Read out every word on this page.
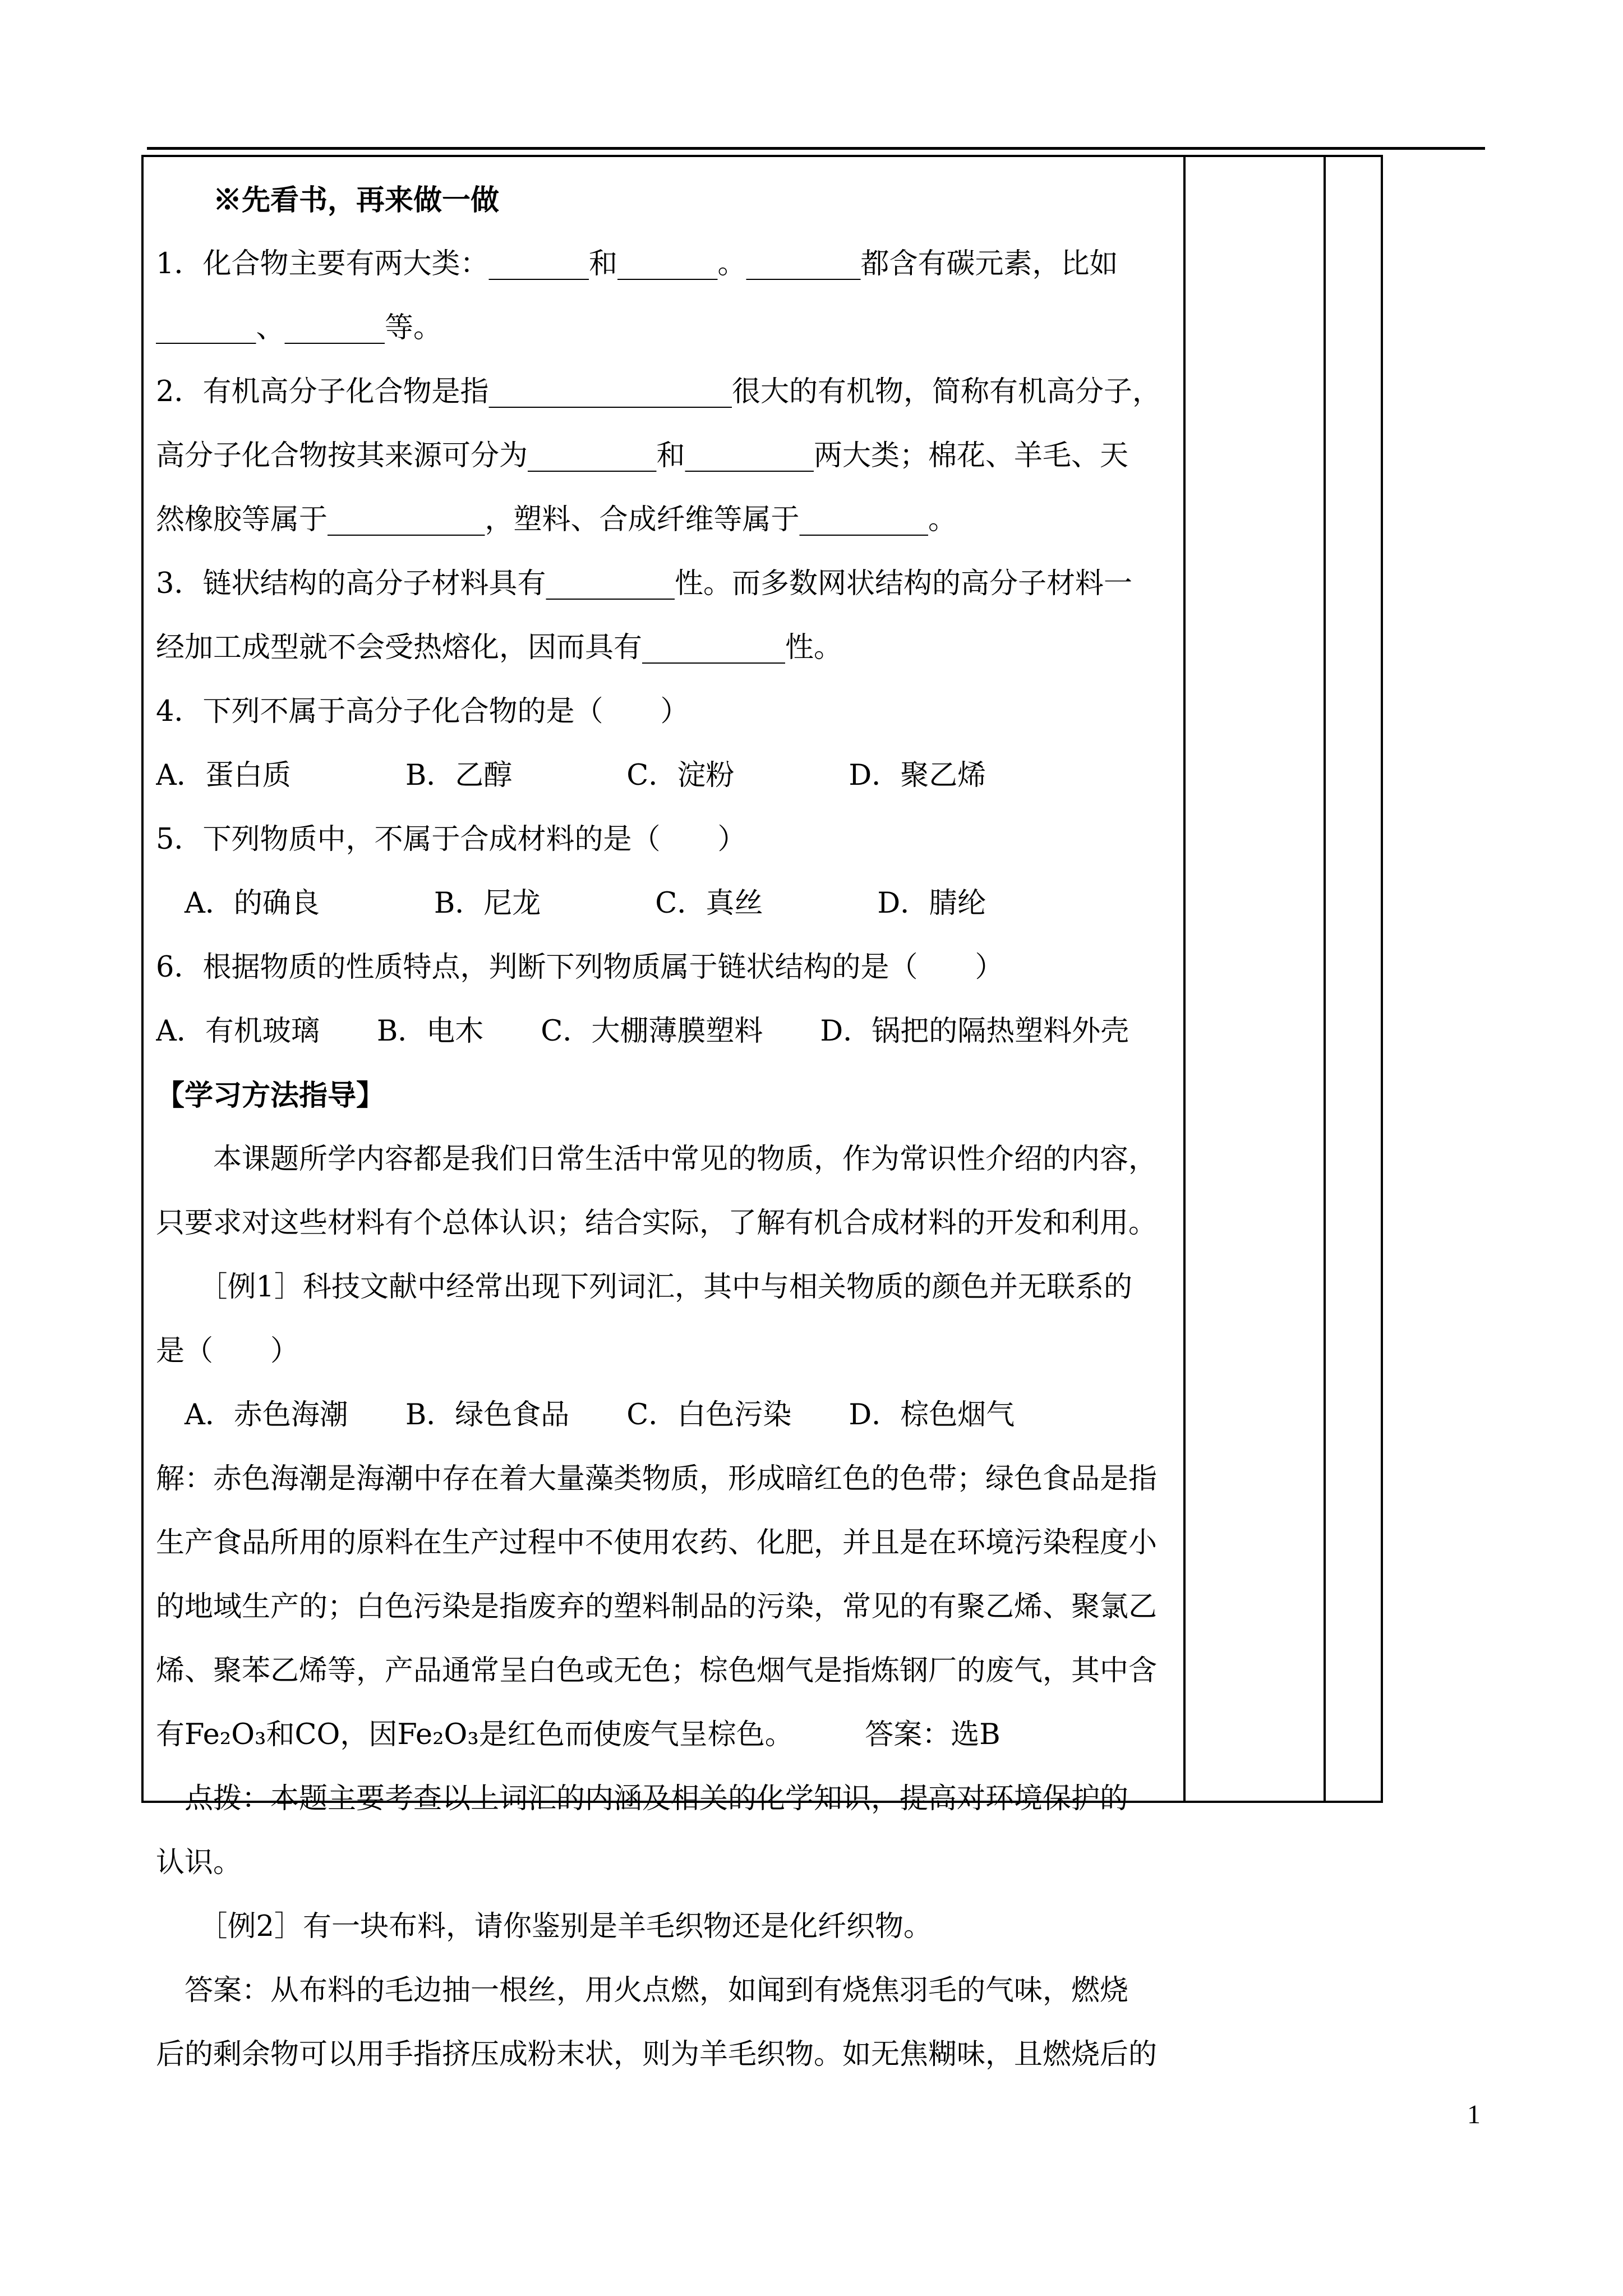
　　※先看书，再来做一做
1．化合物主要有两大类：_______和_______。________都含有碳元素，比如
_______、_______等。
2．有机高分子化合物是指_________________很大的有机物，简称有机高分子，
高分子化合物按其来源可分为_________和_________两大类；棉花、羊毛、天
然橡胶等属于___________，塑料、合成纤维等属于_________。
3．链状结构的高分子材料具有_________性。而多数网状结构的高分子材料一
经加工成型就不会受热熔化，因而具有__________性。
4．下列不属于高分子化合物的是（　　）
A．蛋白质　　　　B．乙醇　　　　C．淀粉　　　　D．聚乙烯
5．下列物质中，不属于合成材料的是（　　）
　A．的确良　　　　B．尼龙　　　　C．真丝　　　　D．腈纶
6．根据物质的性质特点，判断下列物质属于链状结构的是（　　）
A．有机玻璃　　B．电木　　C．大棚薄膜塑料　　D．锅把的隔热塑料外壳
【学习方法指导】
　　本课题所学内容都是我们日常生活中常见的物质，作为常识性介绍的内容，
只要求对这些材料有个总体认识；结合实际，了解有机合成材料的开发和利用。
　　［例1］科技文献中经常出现下列词汇，其中与相关物质的颜色并无联系的
是（　　）
　A．赤色海潮　　B．绿色食品　　C．白色污染　　D．棕色烟气
解：赤色海潮是海潮中存在着大量藻类物质，形成暗红色的色带；绿色食品是指
生产食品所用的原料在生产过程中不使用农药、化肥，并且是在环境污染程度小
的地域生产的；白色污染是指废弃的塑料制品的污染，常见的有聚乙烯、聚氯乙
烯、聚苯乙烯等，产品通常呈白色或无色；棕色烟气是指炼钢厂的废气，其中含
有Fe₂O₃和CO，因Fe₂O₃是红色而使废气呈棕色。　　　答案：选B
　点拨：本题主要考查以上词汇的内涵及相关的化学知识，提高对环境保护的
认识。
　　［例2］有一块布料，请你鉴别是羊毛织物还是化纤织物。
　答案：从布料的毛边抽一根丝，用火点燃，如闻到有烧焦羽毛的气味，燃烧
后的剩余物可以用手指挤压成粉末状，则为羊毛织物。如无焦糊味，且燃烧后的
1
